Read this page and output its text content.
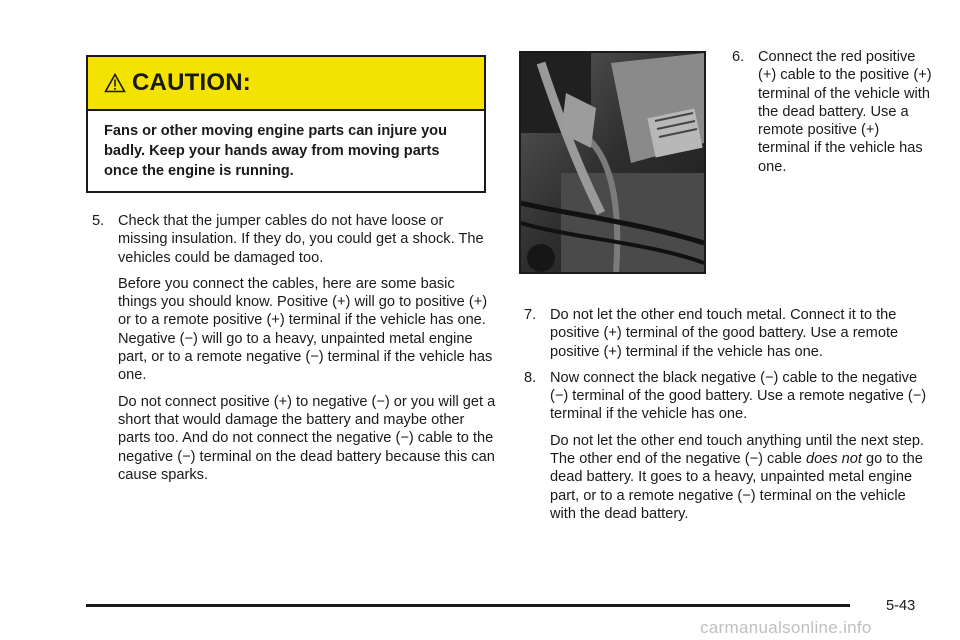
CAUTION:
Fans or other moving engine parts can injure you badly. Keep your hands away from moving parts once the engine is running.
5. Check that the jumper cables do not have loose or missing insulation. If they do, you could get a shock. The vehicles could be damaged too.
Before you connect the cables, here are some basic things you should know. Positive (+) will go to positive (+) or to a remote positive (+) terminal if the vehicle has one. Negative (−) will go to a heavy, unpainted metal engine part, or to a remote negative (−) terminal if the vehicle has one.
Do not connect positive (+) to negative (−) or you will get a short that would damage the battery and maybe other parts too. And do not connect the negative (−) cable to the negative (−) terminal on the dead battery because this can cause sparks.
6. Connect the red positive (+) cable to the positive (+) terminal of the vehicle with the dead battery. Use a remote positive (+) terminal if the vehicle has one.
7. Do not let the other end touch metal. Connect it to the positive (+) terminal of the good battery. Use a remote positive (+) terminal if the vehicle has one.
8. Now connect the black negative (−) cable to the negative (−) terminal of the good battery. Use a remote negative (−) terminal if the vehicle has one.
Do not let the other end touch anything until the next step. The other end of the negative (−) cable does not go to the dead battery. It goes to a heavy, unpainted metal engine part, or to a remote negative (−) terminal on the vehicle with the dead battery.
5-43
carmanualsonline.info
